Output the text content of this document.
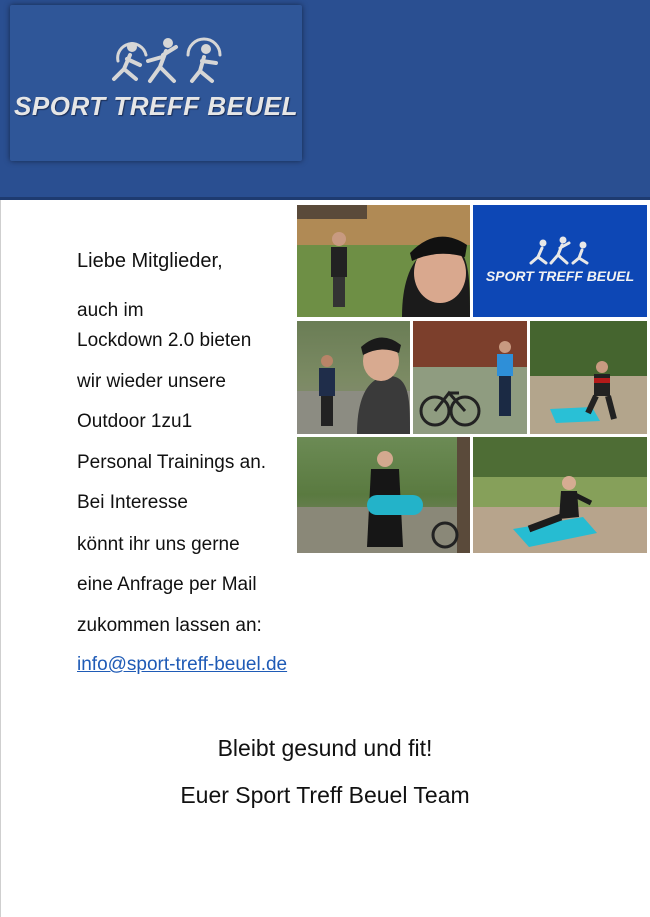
SPORT TREFF BEUEL
Liebe Mitglieder,
auch im
Lockdown 2.0 bieten
wir wieder unsere
Outdoor 1zu1
Personal Trainings an.
Bei Interesse
könnt ihr uns gerne
eine Anfrage per Mail
zukommen lassen an:
info@sport-treff-beuel.de
SPORT TREFF BEUEL
Bleibt gesund und fit!
Euer Sport Treff Beuel Team
